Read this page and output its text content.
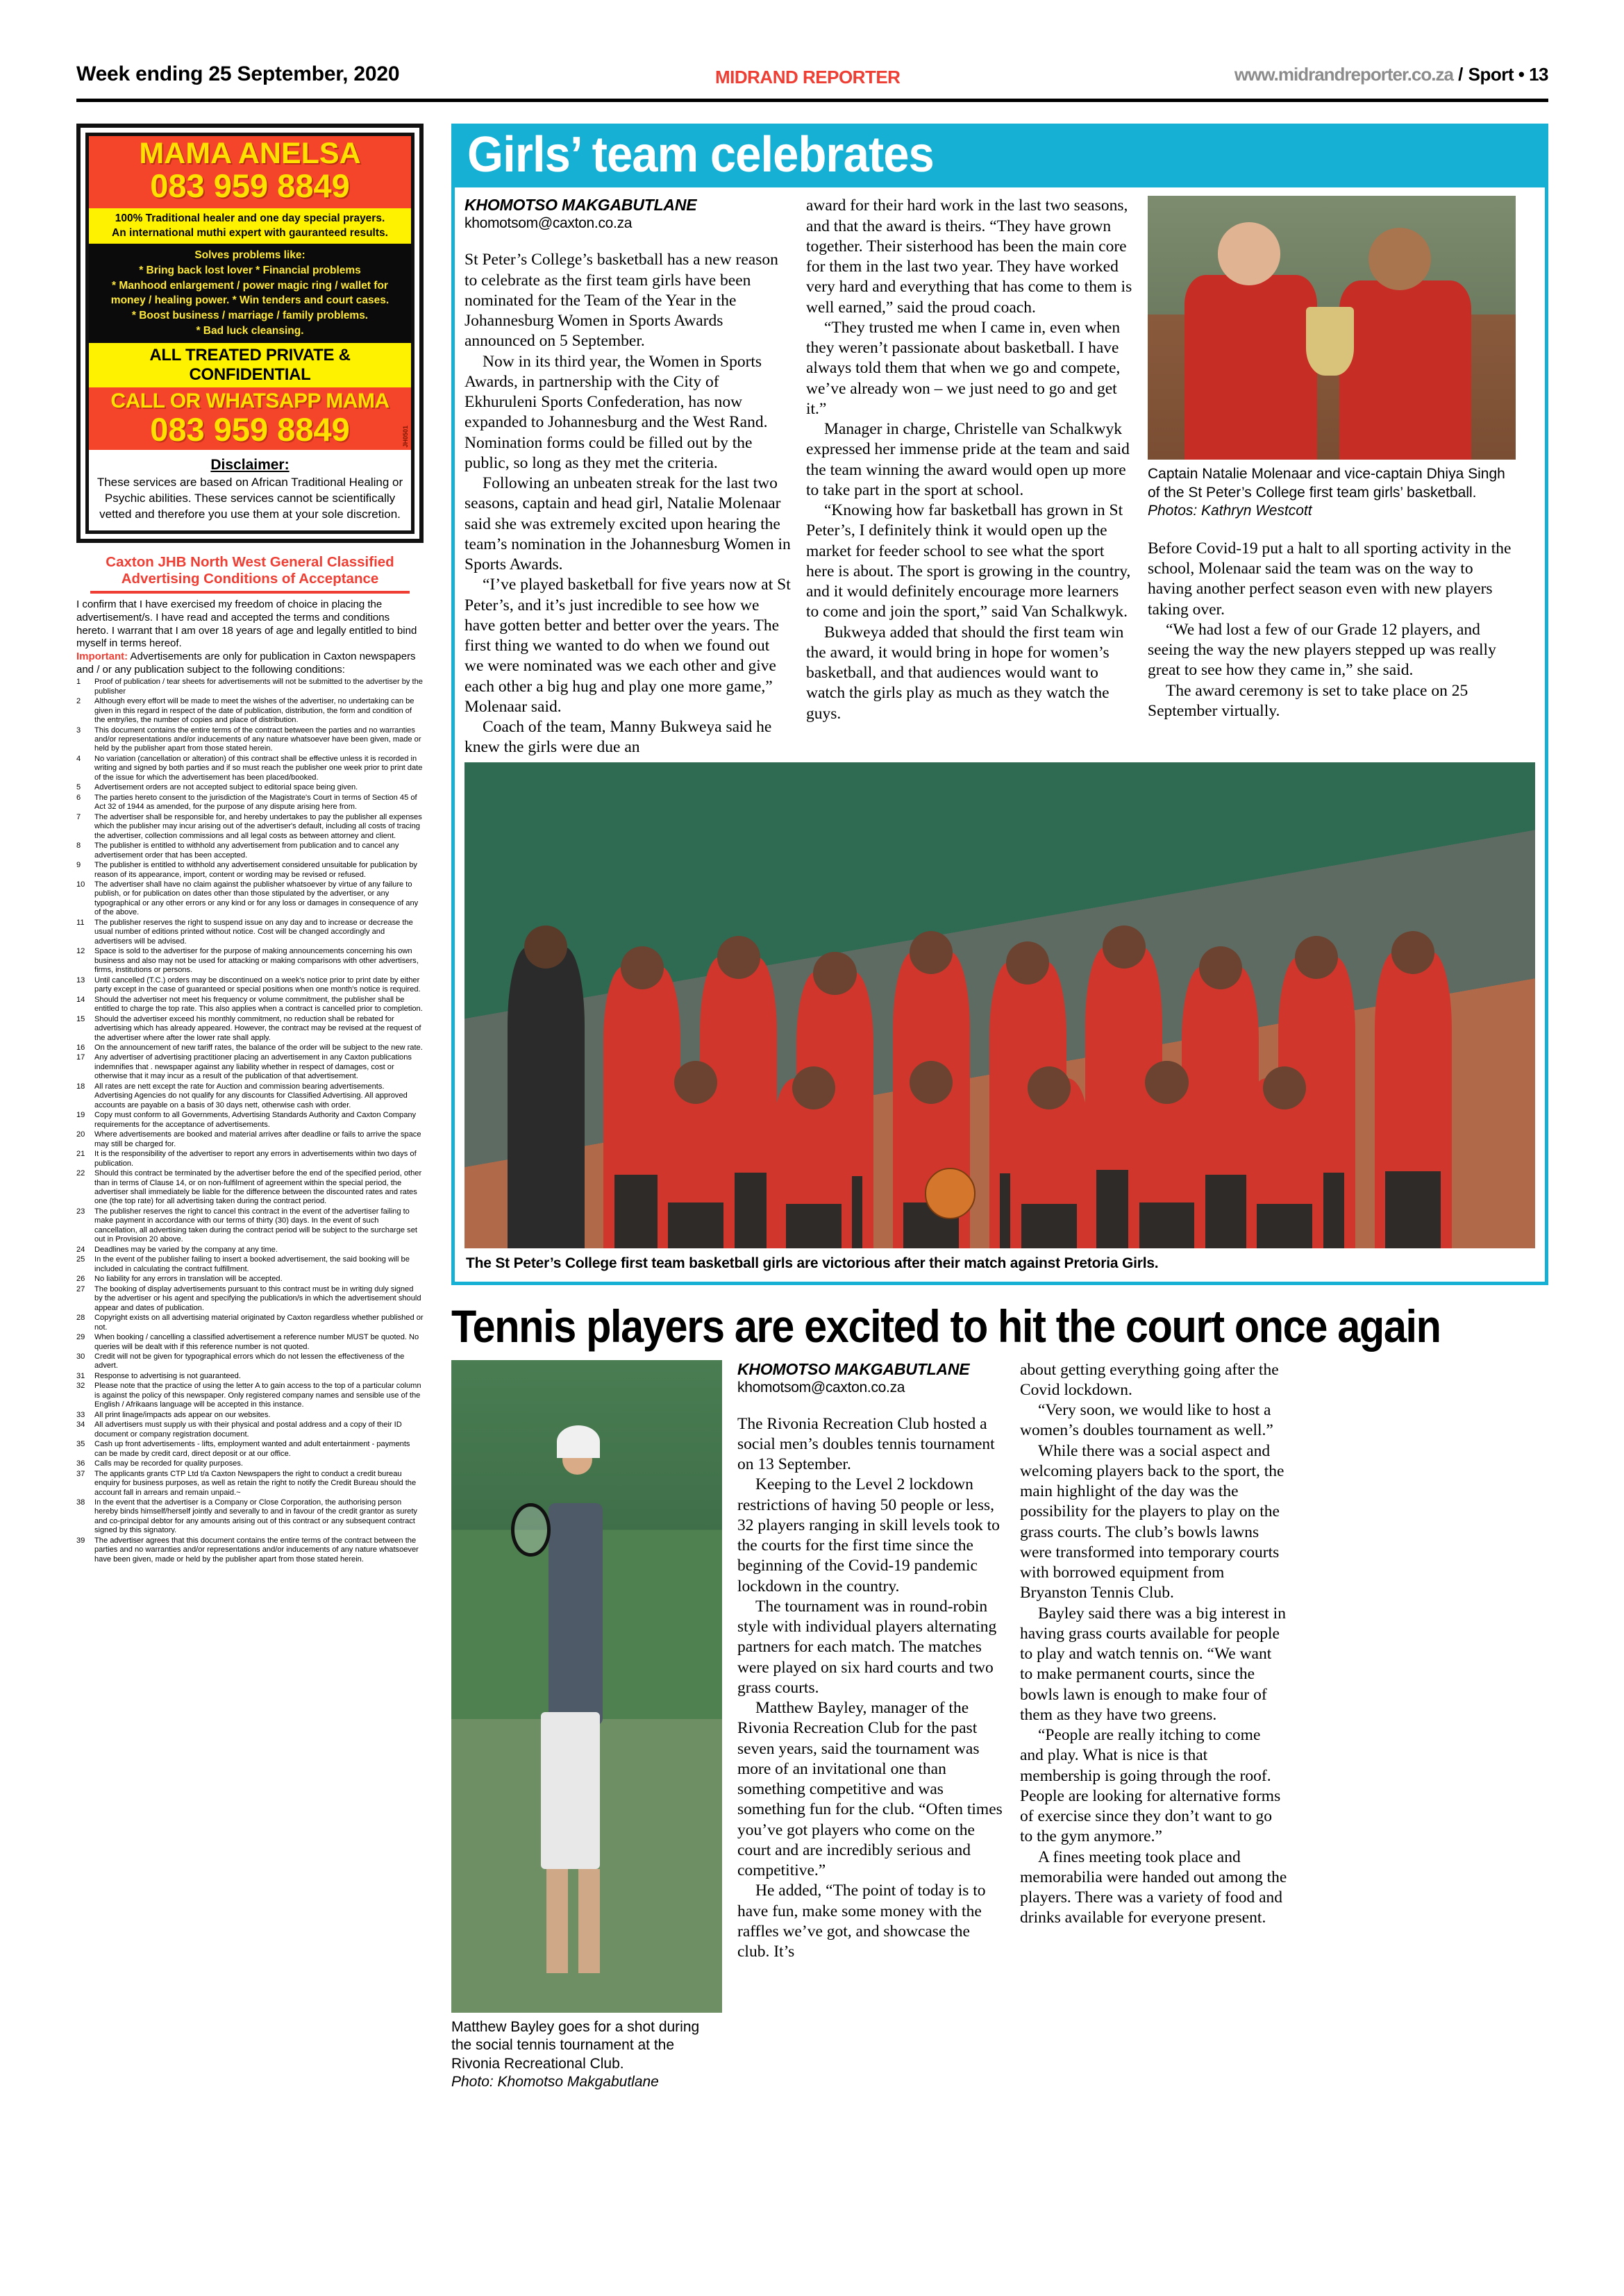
Week ending 25 September, 2020	MIDRAND REPORTER	www.midrandreporter.co.za / Sport • 13
MAMA ANELSA
083 959 8849
100% Traditional healer and one day special prayers.
An international muthi expert with gauranteed results.
Solves problems like:
* Bring back lost lover * Financial problems
* Manhood enlargement / power magic ring / wallet for
money / healing power. * Win tenders and court cases.
* Boost business / marriage / family problems.
* Bad luck cleansing.
ALL TREATED PRIVATE & CONFIDENTIAL
CALL OR WHATSAPP MAMA
083 959 8849	JH0501
Disclaimer:
These services are based on African Traditional Healing or Psychic abilities. These services cannot be scientifically vetted and therefore you use them at your sole discretion.
Caxton JHB North West General Classified
Advertising Conditions of Acceptance
I confirm that I have exercised my freedom of choice in placing the advertisement/s. I have read and accepted the terms and conditions hereto. I warrant that I am over 18 years of age and legally entitled to bind myself in terms hereof.
Important: Advertisements are only for publication in Caxton newspapers and / or any publication subject to the following conditions:
1	Proof of publication / tear sheets for advertisements will not be submitted to the advertiser by the publisher
2	Although every effort will be made to meet the wishes of the advertiser, no undertaking can be given in this regard in respect of the date of publication, distribution, the form and condition of the entry/ies, the number of copies and place of distribution.
3	This document contains the entire terms of the contract between the parties and no warranties and/or representations and/or inducements of any nature whatsoever have been given, made or held by the publisher apart from those stated herein.
4	No variation (cancellation or alteration) of this contract shall be effective unless it is recorded in writing and signed by both parties and if so must reach the publisher one week prior to print date of the issue for which the advertisement has been placed/booked.
5	Advertisement orders are not accepted subject to editorial space being given.
6	The parties hereto consent to the jurisdiction of the Magistrate's Court in terms of Section 45 of Act 32 of 1944 as amended, for the purpose of any dispute arising here from.
7	The advertiser shall be responsible for, and hereby undertakes to pay the publisher all expenses which the publisher may incur arising out of the advertiser's default, including all costs of tracing the advertiser, collection commissions and all legal costs as between attorney and client.
8	The publisher is entitled to withhold any advertisement from publication and to cancel any advertisement order that has been accepted.
9	The publisher is entitled to withhold any advertisement considered unsuitable for publication by reason of its appearance, import, content or wording may be revised or refused.
10	The advertiser shall have no claim against the publisher whatsoever by virtue of any failure to publish, or for publication on dates other than those stipulated by the advertiser, or any typographical or any other errors or any kind or for any loss or damages in consequence of any of the above.
11	The publisher reserves the right to suspend issue on any day and to increase or decrease the usual number of editions printed without notice. Cost will be changed accordingly and advertisers will be advised.
12	Space is sold to the advertiser for the purpose of making announcements concerning his own business and also may not be used for attacking or making comparisons with other advertisers, firms, institutions or persons.
13	Until cancelled (T.C.) orders may be discontinued on a week's notice prior to print date by either party except in the case of guaranteed or special positions when one month's notice is required.
14	Should the advertiser not meet his frequency or volume commitment, the publisher shall be entitled to charge the top rate. This also applies when a contract is cancelled prior to completion.
15	Should the advertiser exceed his monthly commitment, no reduction shall be rebated for advertising which has already appeared. However, the contract may be revised at the request of the advertiser where after the lower rate shall apply.
16	On the announcement of new tariff rates, the balance of the order will be subject to the new rate.
17	Any advertiser of advertising practitioner placing an advertisement in any Caxton publications indemnifies that . newspaper against any liability whether in respect of damages, cost or otherwise that it may incur as a result of the publication of that advertisement.
18	All rates are nett except the rate for Auction and commission bearing advertisements. Advertising Agencies do not qualify for any discounts for Classified Advertising. All approved accounts are payable on a basis of 30 days nett, otherwise cash with order.
19	Copy must conform to all Governments, Advertising Standards Authority and Caxton Company requirements for the acceptance of advertisements.
20	Where advertisements are booked and material arrives after deadline or fails to arrive the space may still be charged for.
21	It is the responsibility of the advertiser to report any errors in advertisements within two days of publication.
22	Should this contract be terminated by the advertiser before the end of the specified period, other than in terms of Clause 14, or on non-fulfilment of agreement within the special period, the advertiser shall immediately be liable for the difference between the discounted rates and rates one (the top rate) for all advertising taken during the contract period.
23	The publisher reserves the right to cancel this contract in the event of the advertiser failing to make payment in accordance with our terms of thirty (30) days. In the event of such cancellation, all advertising taken during the contract period will be subject to the surcharge set out in Provision 20 above.
24	Deadlines may be varied by the company at any time.
25	In the event of the publisher failing to insert a booked advertisement, the said booking will be included in calculating the contract fulfillment.
26	No liability for any errors in translation will be accepted.
27	The booking of display advertisements pursuant to this contract must be in writing duly signed by the advertiser or his agent and specifying the publication/s in which the advertisement should appear and dates of publication.
28	Copyright exists on all advertising material originated by Caxton regardless whether published or not.
29	When booking / cancelling a classified advertisement a reference number MUST be quoted. No queries will be dealt with if this reference number is not quoted.
30	Credit will not be given for typographical errors which do not lessen the effectiveness of the advert.
31	Response to advertising is not guaranteed.
32	Please note that the practice of using the letter A to gain access to the top of a particular column is against the policy of this newspaper. Only registered company names and sensible use of the English / Afrikaans language will be accepted in this instance.
33	All print linage/impacts ads appear on our websites.
34	All advertisers must supply us with their physical and postal address and a copy of their ID document or company registration document.
35	Cash up front advertisements - lifts, employment wanted and adult entertainment - payments can be made by credit card, direct deposit or at our office.
36	Calls may be recorded for quality purposes.
37	The applicants grants CTP Ltd t/a Caxton Newspapers the right to conduct a credit bureau enquiry for business purposes, as well as retain the right to notify the Credit Bureau should the account fall in arrears and remain unpaid.~
38	In the event that the advertiser is a Company or Close Corporation, the authorising person hereby binds himself/herself jointly and severally to and in favour of the credit grantor as surety and co-principal debtor for any amounts arising out of this contract or any subsequent contract signed by this signatory.
39	The advertiser agrees that this document contains the entire terms of the contract between the parties and no warranties and/or representations and/or inducements of any nature whatsoever have been given, made or held by the publisher apart from those stated herein.
Girls’ team celebrates
KHOMOTSO MAKGABUTLANE
khomotsom@caxton.co.za

St Peter’s College’s basketball has a new reason to celebrate as the first team girls have been nominated for the Team of the Year in the Johannesburg Women in Sports Awards announced on 5 September.

Now in its third year, the Women in Sports Awards, in partnership with the City of Ekhuruleni Sports Confederation, has now expanded to Johannesburg and the West Rand. Nomination forms could be filled out by the public, so long as they met the criteria.

Following an unbeaten streak for the last two seasons, captain and head girl, Natalie Molenaar said she was extremely excited upon hearing the team’s nomination in the Johannesburg Women in Sports Awards.

“I’ve played basketball for five years now at St Peter’s, and it’s just incredible to see how we have gotten better and better over the years. The first thing we wanted to do when we found out we were nominated was we each other and give each other a big hug and play one more game,” Molenaar said.

Coach of the team, Manny Bukweya said he knew the girls were due an

award for their hard work in the last two seasons, and that the award is theirs. “They have grown together. Their sisterhood has been the main core for them in the last two year. They have worked very hard and everything that has come to them is well earned,” said the proud coach.

“They trusted me when I came in, even when they weren’t passionate about basketball. I have always told them that when we go and compete, we’ve already won – we just need to go and get it.”

Manager in charge, Christelle van Schalkwyk expressed her immense pride at the team and said the team winning the award would open up more to take part in the sport at school.

“Knowing how far basketball has grown in St Peter’s, I definitely think it would open up the market for feeder school to see what the sport here is about. The sport is growing in the country, and it would definitely encourage more learners to come and join the sport,” said Van Schalkwyk.

Bukweya added that should the first team win the award, it would bring in hope for women’s basketball, and that audiences would want to watch the girls play as much as they watch the guys.

Captain Natalie Molenaar and vice-captain Dhiya Singh of the St Peter’s College first team girls’ basketball.
Photos: Kathryn Westcott

Before Covid-19 put a halt to all sporting activity in the school, Molenaar said the team was on the way to having another perfect season even with new players taking over.

“We had lost a few of our Grade 12 players, and seeing the way the new players stepped up was really great to see how they came in,” she said.

The award ceremony is set to take place on 25 September virtually.

The St Peter’s College first team basketball girls are victorious after their match against Pretoria Girls.
Tennis players are excited to hit the court once again
Matthew Bayley goes for a shot during the social tennis tournament at the Rivonia Recreational Club.
Photo: Khomotso Makgabutlane
KHOMOTSO MAKGABUTLANE
khomotsom@caxton.co.za

The Rivonia Recreation Club hosted a social men’s doubles tennis tournament on 13 September.

Keeping to the Level 2 lockdown restrictions of having 50 people or less, 32 players ranging in skill levels took to the courts for the first time since the beginning of the Covid-19 pandemic lockdown in the country.

The tournament was in round-robin style with individual players alternating partners for each match. The matches were played on six hard courts and two grass courts.

Matthew Bayley, manager of the Rivonia Recreation Club for the past seven years, said the tournament was more of an invitational one than something competitive and was something fun for the club. “Often times you’ve got players who come on the court and are incredibly serious and competitive.”

He added, “The point of today is to have fun, make some money with the raffles we’ve got, and showcase the club. It’s

about getting everything going after the Covid lockdown.

“Very soon, we would like to host a women’s doubles tournament as well.”

While there was a social aspect and welcoming players back to the sport, the main highlight of the day was the possibility for the players to play on the grass courts. The club’s bowls lawns were transformed into temporary courts with borrowed equipment from Bryanston Tennis Club.

Bayley said there was a big interest in having grass courts available for people to play and watch tennis on. “We want to make permanent courts, since the bowls lawn is enough to make four of them as they have two greens.

“People are really itching to come and play. What is nice is that membership is going through the roof. People are looking for alternative forms of exercise since they don’t want to go to the gym anymore.”

A fines meeting took place and memorabilia were handed out among the players. There was a variety of food and drinks available for everyone present.
